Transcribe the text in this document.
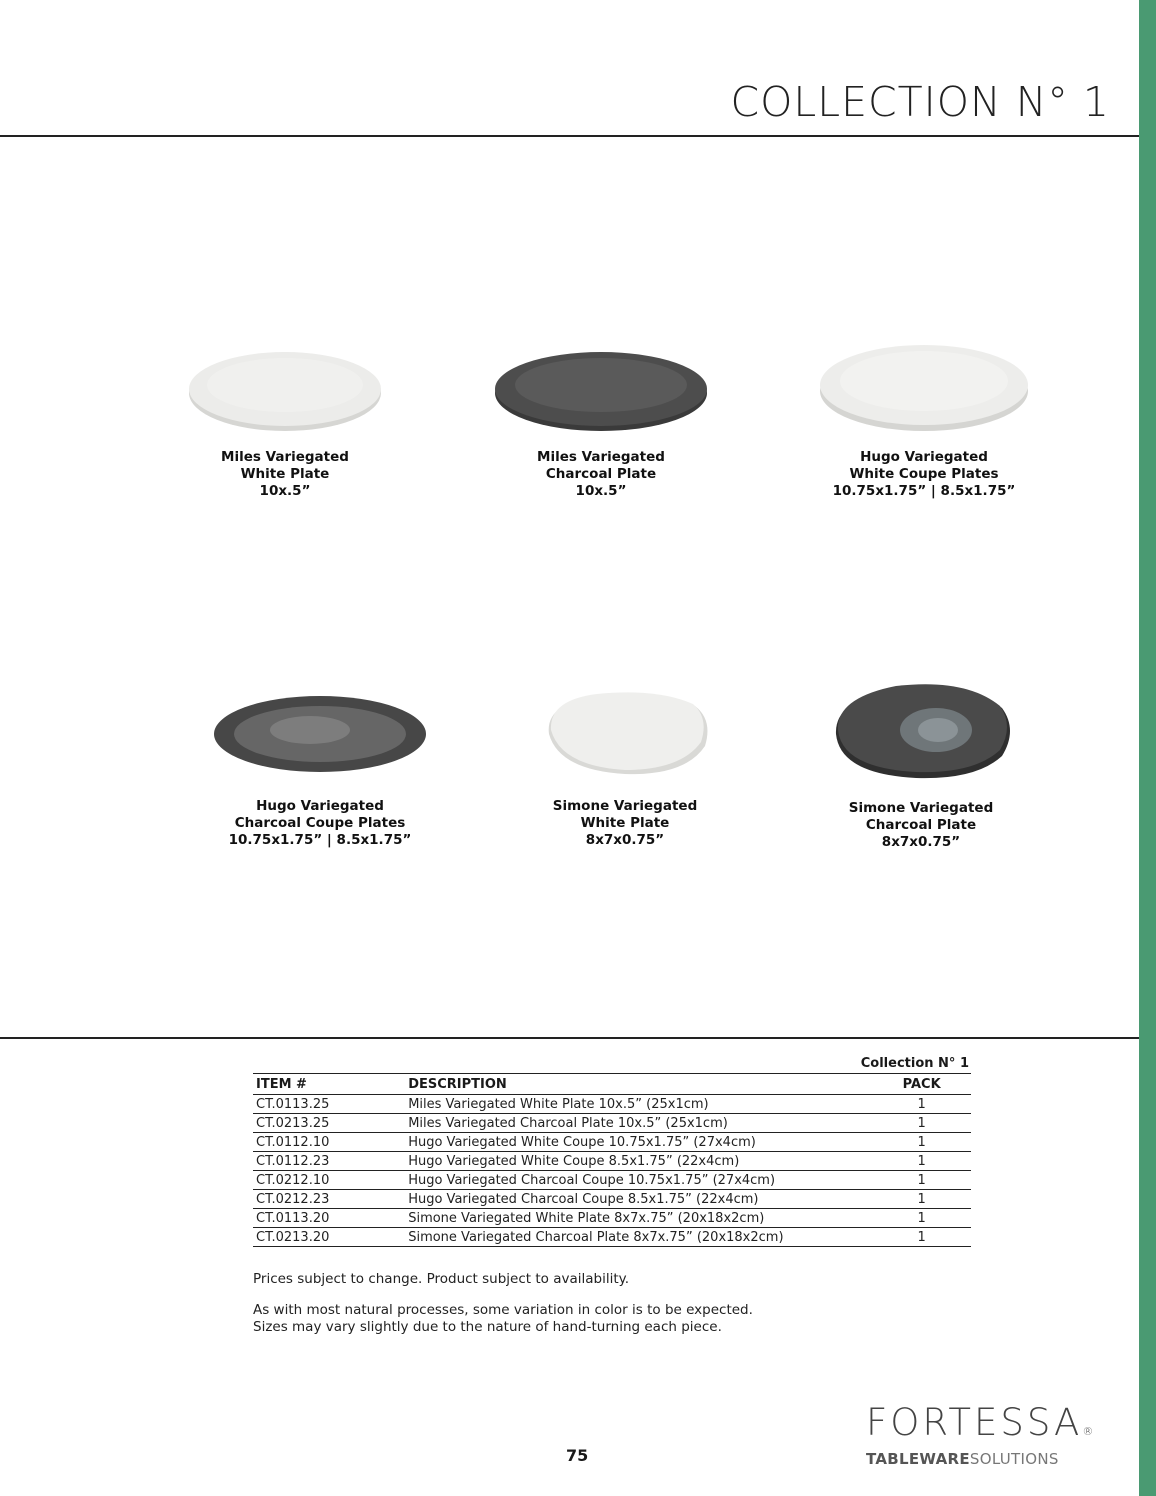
COLLECTION N° 1
Miles Variegated
White Plate
10x.5”
Miles Variegated
Charcoal Plate
10x.5”
Hugo Variegated
White Coupe Plates
10.75x1.75” | 8.5x1.75”
Hugo Variegated
Charcoal Coupe Plates
10.75x1.75” | 8.5x1.75”
Simone Variegated
White Plate
8x7x0.75”
Simone Variegated
Charcoal Plate
8x7x0.75”
Collection N° 1
ITEM #	DESCRIPTION	PACK
CT.0113.25	Miles Variegated White Plate 10x.5” (25x1cm)	1
CT.0213.25	Miles Variegated Charcoal Plate 10x.5” (25x1cm)	1
CT.0112.10	Hugo Variegated White Coupe 10.75x1.75” (27x4cm)	1
CT.0112.23	Hugo Variegated White Coupe 8.5x1.75” (22x4cm)	1
CT.0212.10	Hugo Variegated Charcoal Coupe 10.75x1.75” (27x4cm)	1
CT.0212.23	Hugo Variegated Charcoal Coupe 8.5x1.75” (22x4cm)	1
CT.0113.20	Simone Variegated White Plate 8x7x.75” (20x18x2cm)	1
CT.0213.20	Simone Variegated Charcoal Plate 8x7x.75” (20x18x2cm)	1

Prices subject to change. Product subject to availability.

As with most natural processes, some variation in color is to be expected.
Sizes may vary slightly due to the nature of hand-turning each piece.

75
FORTESSA®
TABLEWARESOLUTIONS
